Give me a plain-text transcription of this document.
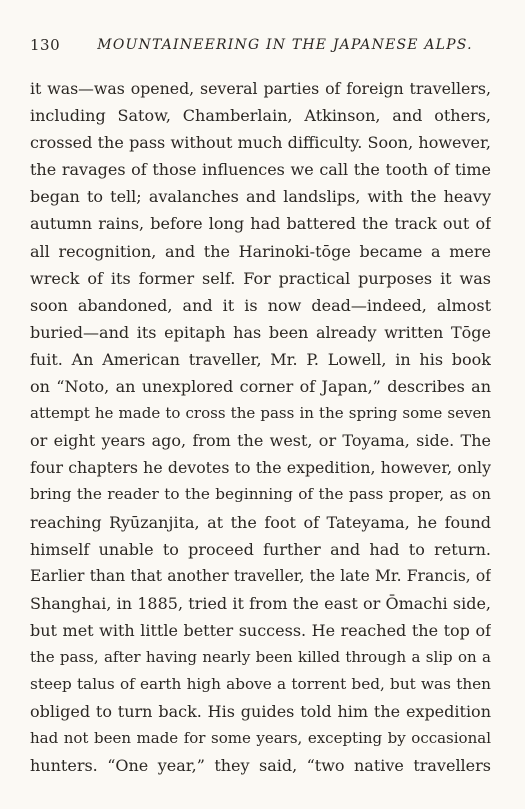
130	MOUNTAINEERING IN THE JAPANESE ALPS.
it was—was opened, several parties of foreign travellers,
including Satow, Chamberlain, Atkinson, and others,
crossed the pass without much difficulty. Soon, however,
the ravages of those influences we call the tooth of time
began to tell; avalanches and landslips, with the heavy
autumn rains, before long had battered the track out of
all recognition, and the Harinoki-tōge became a mere
wreck of its former self. For practical purposes it was
soon abandoned, and it is now dead—indeed, almost
buried—and its epitaph has been already written Tōge
fuit. An American traveller, Mr. P. Lowell, in his book
on “Noto, an unexplored corner of Japan,” describes an
attempt he made to cross the pass in the spring some seven
or eight years ago, from the west, or Toyama, side. The
four chapters he devotes to the expedition, however, only
bring the reader to the beginning of the pass proper, as on
reaching Ryūzanjita, at the foot of Tateyama, he found
himself unable to proceed further and had to return.
Earlier than that another traveller, the late Mr. Francis, of
Shanghai, in 1885, tried it from the east or Ōmachi side,
but met with little better success. He reached the top of
the pass, after having nearly been killed through a slip on a
steep talus of earth high above a torrent bed, but was then
obliged to turn back. His guides told him the expedition
had not been made for some years, excepting by occasional
hunters. “One year,” they said, “two native travellers
